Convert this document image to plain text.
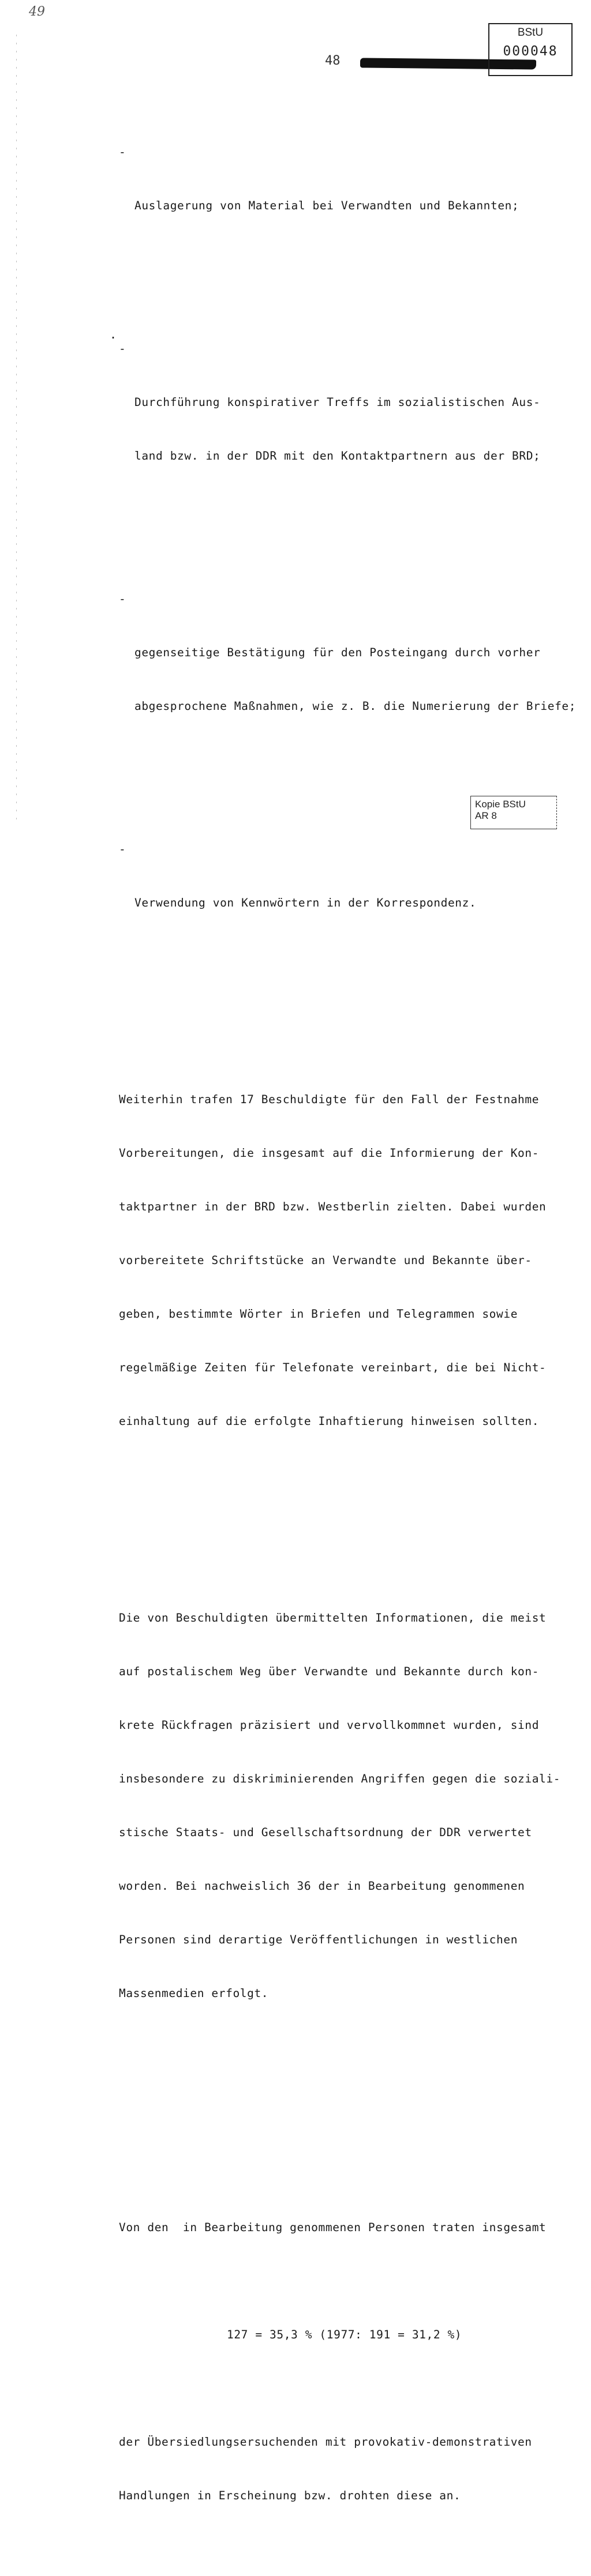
49
48
BStU
000048
.

-

Auslagerung von Material bei Verwandten und Bekannten;

-

Durchführung konspirativer Treffs im sozialistischen Aus-

land bzw. in der DDR mit den Kontaktpartnern aus der BRD;

-

gegenseitige Bestätigung für den Posteingang durch vorher

abgesprochene Maßnahmen, wie z. B. die Numerierung der Briefe;

-

Verwendung von Kennwörtern in der Korrespondenz.

Weiterhin trafen 17 Beschuldigte für den Fall der Festnahme

Vorbereitungen, die insgesamt auf die Informierung der Kon-

taktpartner in der BRD bzw. Westberlin zielten. Dabei wurden

vorbereitete Schriftstücke an Verwandte und Bekannte über-

geben, bestimmte Wörter in Briefen und Telegrammen sowie

regelmäßige Zeiten für Telefonate vereinbart, die bei Nicht-

einhaltung auf die erfolgte Inhaftierung hinweisen sollten.

Die von Beschuldigten übermittelten Informationen, die meist

auf postalischem Weg über Verwandte und Bekannte durch kon-

krete Rückfragen präzisiert und vervollkommnet wurden, sind

insbesondere zu diskriminierenden Angriffen gegen die soziali-

stische Staats- und Gesellschaftsordnung der DDR verwertet

worden. Bei nachweislich 36 der in Bearbeitung genommenen

Personen sind derartige Veröffentlichungen in westlichen

Massenmedien erfolgt.

Von den  in Bearbeitung genommenen Personen traten insgesamt

127 = 35,3 % (1977: 191 = 31,2 %)

der Übersiedlungsersuchenden mit provokativ-demonstrativen

Handlungen in Erscheinung bzw. drohten diese an.

Kopie BStU
AR 8
